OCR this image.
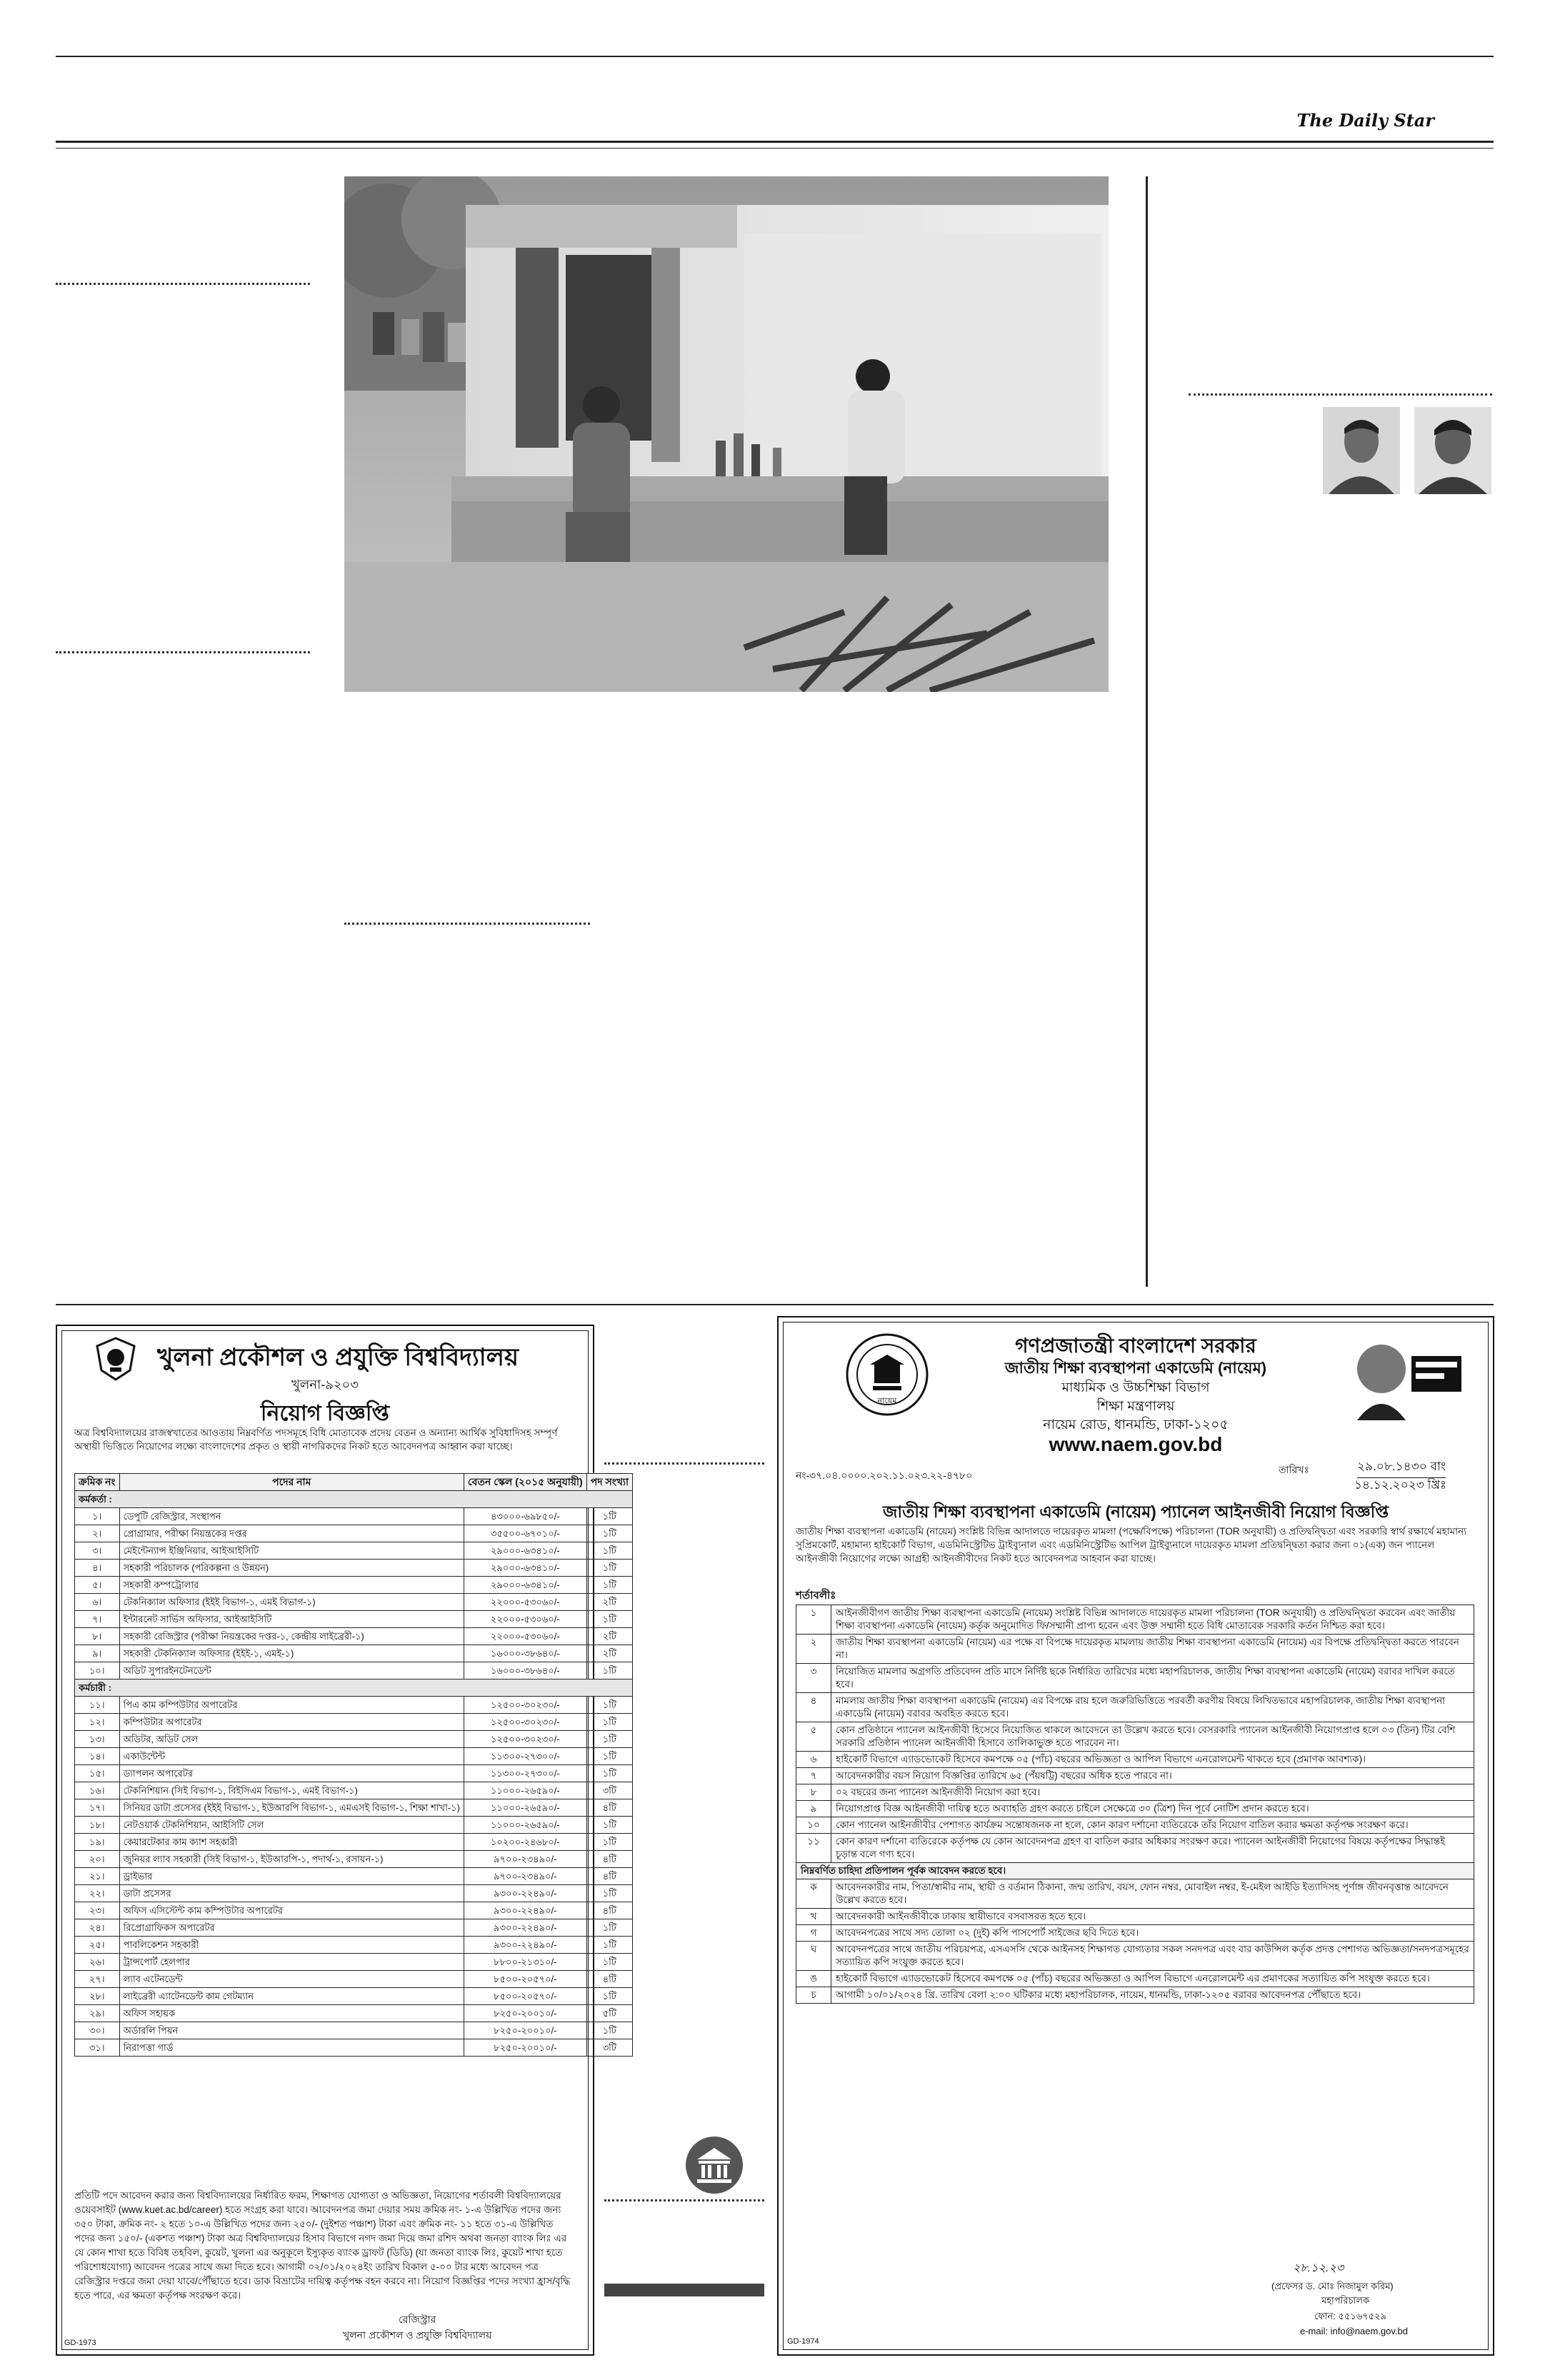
The Daily Star
খুলনা প্রকৌশল ও প্রযুক্তি বিশ্ববিদ্যালয়
খুলনা-৯২০৩
নিয়োগ বিজ্ঞপ্তি
অত্র বিশ্ববিদ্যালয়ের রাজস্বখাতের আওতায় নিম্নবর্ণিত পদসমূহে বিধি মোতাবেক প্রদেয় বেতন ও অন্যান্য আর্থিক সুবিধাদিসহ সম্পূর্ণ অস্থায়ী ভিত্তিতে নিয়োগের লক্ষ্যে বাংলাদেশের প্রকৃত ও স্থায়ী নাগরিকদের নিকট হতে আবেদনপত্র আহ্বান করা যাচ্ছে।
ক্রমিক নং	পদের নাম	বেতন স্কেল (২০১৫ অনুযায়ী)	পদ সংখ্যা
কর্মকর্তা :			
১।	ডেপুটি রেজিস্ট্রার, সংস্থাপন	৪৩০০০-৬৯৮৫০/-	১টি
২।	প্রোগ্রামার, পরীক্ষা নিয়ন্ত্রকের দপ্তর	৩৫৫০০-৬৭০১০/-	১টি
৩।	মেইন্টেন্যান্স ইঞ্জিনিয়ার, আইআইসিটি	২৯০০০-৬৩৪১০/-	১টি
৪।	সহকারী পরিচালক (পরিকল্পনা ও উন্নয়ন)	২৯০০০-৬৩৪১০/-	১টি
৫।	সহকারী কম্পট্রোলার	২৯০০০-৬৩৪১০/-	১টি
৬।	টেকনিক্যাল অফিসার (ইইই বিভাগ-১, এমই বিভাগ-১)	২২০০০-৫৩০৬০/-	২টি
৭।	ইন্টারনেট সার্ভিস অফিসার, আইআইসিটি	২২০০০-৫৩০৬০/-	১টি
৮।	সহকারী রেজিস্ট্রার (পরীক্ষা নিয়ন্ত্রকের দপ্তর-১, কেন্দ্রীয় লাইব্রেরী-১)	২২০০০-৫৩০৬০/-	২টি
৯।	সহকারী টেকনিক্যাল অফিসার (ইইই-১, এমই-১)	১৬০০০-৩৮৬৪০/-	২টি
১০।	অডিট সুপারইনটেনডেন্ট	১৬০০০-৩৮৬৪০/-	১টি
কর্মচারী :			
১১।	পিএ কাম কম্পিউটার অপারেটর	১২৫০০-৩০২৩০/-	১টি
১২।	কম্পিউটার অপারেটর	১২৫০০-৩০২৩০/-	১টি
১৩।	অডিটর, অডিট সেল	১২৫০০-৩০২৩০/-	১টি
১৪।	একাউন্টেন্ট	১১৩০০-২৭৩০০/-	১টি
১৫।	ড্যাপলন অপারেটর	১১৩০০-২৭৩০০/-	১টি
১৬।	টেকনিশিয়ান (সিই বিভাগ-১, বিইসিএম বিভাগ-১, এমই বিভাগ-১)	১১০০০-২৬৫৯০/-	৩টি
১৭।	সিনিয়র ডাটা প্রসেসর (ইইই বিভাগ-১, ইউআরপি বিভাগ-১, এমএসই বিভাগ-১, শিক্ষা শাখা-১)	১১০০০-২৬৫৯০/-	৪টি
১৮।	নেটওয়ার্ক টেকনিশিয়ান, আইসিটি সেল	১১০০০-২৬৫৯০/-	১টি
১৯।	কেয়ারটেকার কাম ক্যাশ সহকারী	১০২০০-২৪৬৮০/-	১টি
২০।	জুনিয়র ল্যাব সহকারী (সিই বিভাগ-১, ইউআরপি-১, পদার্থ-১, রসায়ন-১)	৯৭০০-২৩৪৯০/-	৪টি
২১।	ড্রাইভার	৯৭০০-২৩৪৯০/-	৪টি
২২।	ডাটা প্রসেসর	৯৩০০-২২৪৯০/-	১টি
২৩।	অফিস এসিস্টেন্ট কাম কম্পিউটার অপারেটর	৯৩০০-২২৪৯০/-	৪টি
২৪।	রিপ্রোগ্রাফিকস অপারেটর	৯৩০০-২২৪৯০/-	১টি
২৫।	পাবলিকেশন সহকারী	৯৩০০-২২৪৯০/-	১টি
২৬।	ট্রান্সপোর্ট হেলপার	৮৮০০-২১৩১০/-	১টি
২৭।	ল্যাব এটেনডেন্ট	৮৫০০-২০৫৭০/-	৪টি
২৮।	লাইব্রেরী এ্যাটেনডেন্ট কাম গেটম্যান	৮৫০০-২০৫৭০/-	১টি
২৯।	অফিস সহায়ক	৮২৫০-২০০১০/-	৫টি
৩০।	অর্ডারলি পিয়ন	৮২৫০-২০০১০/-	১টি
৩১।	নিরাপত্তা গার্ড	৮২৫০-২০০১০/-	৩টি
প্রতিটি পদে আবেদন করার জন্য বিশ্ববিদ্যালয়ের নির্ধারিত ফরম, শিক্ষাগত যোগ্যতা ও অভিজ্ঞতা, নিয়োগের শর্তাবলী বিশ্ববিদ্যালয়ের ওয়েবসাইট (www.kuet.ac.bd/career) হতে সংগ্রহ করা যাবে। আবেদনপত্র জমা দেয়ার সময় ক্রমিক নং- ১-এ উল্লিখিত পদের জন্য ৩৫০ টাকা, ক্রমিক নং- ২ হতে ১০-এ উল্লিখিত পদের জন্য ২৫০/- (দুইশত পঞ্চাশ) টাকা এবং ক্রমিক নং- ১১ হতে ৩১-এ উল্লিখিত পদের জন্য ১৫০/- (একশত পঞ্চাশ) টাকা অত্র বিশ্ববিদ্যালয়ের হিসাব বিভাগে নগদ জমা দিয়ে জমা রশিদ অথবা জনতা ব্যাংক লিঃ এর যে কোন শাখা হতে বিবিধ তহবিল, কুয়েট, খুলনা এর অনুকূলে ইস্যুকৃত ব্যাংক ড্রাফট (ডিডি) (যা জনতা ব্যাংক লিঃ, কুয়েট শাখা হতে পরিশোধযোগ্য) আবেদন পত্রের সাথে জমা দিতে হবে। আগামী ০২/০১/২০২৪ইং তারিখ বিকাল ৫-০০ টার মধ্যে আবেদন পত্র রেজিস্ট্রার দপ্তরে জমা দেয়া যাবে/পৌঁছাতে হবে। ডাক বিভ্রাটের দায়িত্ব কর্তৃপক্ষ বহন করবে না। নিয়োগ বিজ্ঞপ্তির পদের সংখ্যা হ্রাস/বৃদ্ধি হতে পারে, এর ক্ষমতা কর্তৃপক্ষ সংরক্ষণ করে।
রেজিস্ট্রার
খুলনা প্রকৌশল ও প্রযুক্তি বিশ্ববিদ্যালয়
GD-1973
নায়েম
গণপ্রজাতন্ত্রী বাংলাদেশ সরকার
জাতীয় শিক্ষা ব্যবস্থাপনা একাডেমি (নায়েম)
মাধ্যমিক ও উচ্চশিক্ষা বিভাগ
শিক্ষা মন্ত্রণালয়
নায়েম রোড, ধানমন্ডি, ঢাকা-১২০৫
www.naem.gov.bd
নং-৩৭.০৪.০০০০.২০২.১১.০২৩.২২-৪৭৮০	তারিখঃ	২৯.০৮.১৪৩০ বাং
১৪.১২.২০২৩ খ্রিঃ
জাতীয় শিক্ষা ব্যবস্থাপনা একাডেমি (নায়েম) প্যানেল আইনজীবী নিয়োগ বিজ্ঞপ্তি
জাতীয় শিক্ষা ব্যবস্থাপনা একাডেমি (নায়েম) সংশ্লিষ্ট বিভিন্ন আদালতে দায়েরকৃত মামলা (পক্ষে/বিপক্ষে) পরিচালনা (TOR অনুযায়ী) ও প্রতিদ্বন্দ্বিতা এবং সরকারি স্বার্থ রক্ষার্থে মহামান্য সুপ্রিমকোর্ট, মহামান্য হাইকোর্ট বিভাগ, এডমিনিস্ট্রেটিভ ট্রাইব্যুনাল এবং এডমিনিস্ট্রেটিভ আপিল ট্রাইব্যুনালে দায়েরকৃত মামলা প্রতিদ্বন্দ্বিতা করার জন্য ০১(এক) জন প্যানেল আইনজীবী নিয়োগের লক্ষ্যে আগ্রহী আইনজীবীদের নিকট হতে আবেদনপত্র আহবান করা যাচ্ছে।
শর্তাবলীঃ
১	আইনজীবীগণ জাতীয় শিক্ষা ব্যবস্থাপনা একাডেমি (নায়েম) সংশ্লিষ্ট বিভিন্ন আদালতে দায়েরকৃত মামলা পরিচালনা (TOR অনুযায়ী) ও প্রতিদ্বন্দ্বিতা করবেন এবং জাতীয় শিক্ষা ব্যবস্থাপনা একাডেমি (নায়েম) কর্তৃক অনুমোদিত ফি/সম্মানী প্রাপ্য হবেন এবং উক্ত সম্মানী হতে বিধি মোতাবেক সরকারি কর্তন নিশ্চিত করা হবে।
২	জাতীয় শিক্ষা ব্যবস্থাপনা একাডেমি (নায়েম) এর পক্ষে বা বিপক্ষে দায়েরকৃত মামলায় জাতীয় শিক্ষা ব্যবস্থাপনা একাডেমি (নায়েম) এর বিপক্ষে প্রতিদ্বন্দ্বিতা করতে পারবেন না।
৩	নিয়োজিত মামলার অগ্রগতি প্রতিবেদন প্রতি মাসে নির্দিষ্ট ছকে নির্ধারিত তারিখের মধ্যে মহাপরিচালক, জাতীয় শিক্ষা ব্যবস্থাপনা একাডেমি (নায়েম) বরাবর দাখিল করতে হবে।
৪	মামলায় জাতীয় শিক্ষা ব্যবস্থাপনা একাডেমি (নায়েম) এর বিপক্ষে রায় হলে জরুরিভিত্তিতে পরবর্তী করণীয় বিষয়ে লিখিতভাবে মহাপরিচালক, জাতীয় শিক্ষা ব্যবস্থাপনা একাডেমি (নায়েম) বরাবর অবহিত করতে হবে।
৫	কোন প্রতিষ্ঠানে প্যানেল আইনজীবী হিসেবে নিয়োজিত থাকলে আবেদনে তা উল্লেখ করতে হবে। বেসরকারি প্যানেল আইনজীবী নিয়োগপ্রাপ্ত হলে ০৩ (তিন) টির বেশি সরকারি প্রতিষ্ঠান প্যানেল আইনজীবী হিসাবে তালিকাভুক্ত হতে পারবেন না।
৬	হাইকোর্ট বিভাগে এ্যাডভোকেট হিসেবে কমপক্ষে ০৫ (পাঁচ) বছরের অভিজ্ঞতা ও আপিল বিভাগে এনরোলমেন্ট থাকতে হবে (প্রমাণক আবশ্যক)।
৭	আবেদনকারীর বয়স নিয়োগ বিজ্ঞপ্তির তারিখে ৬৫ (পঁয়ষট্টি) বছরের অধিক হতে পারবে না।
৮	০২ বছরের জন্য প্যানেল আইনজীবী নিয়োগ করা হবে।
৯	নিয়োগপ্রাপ্ত বিজ্ঞ আইনজীবী দায়িত্ব হতে অব্যাহতি গ্রহণ করতে চাইলে সেক্ষেত্রে ৩০ (ত্রিশ) দিন পূর্বে নোটিশ প্রদান করতে হবে।
১০	কোন প্যানেল আইনজীবীর পেশাগত কার্যক্রম সন্তোষজনক না হলে, কোন কারণ দর্শানো ব্যতিরেকে তাঁর নিয়োগ বাতিল করার ক্ষমতা কর্তৃপক্ষ সংরক্ষণ করে।
১১	কোন কারণ দর্শানো ব্যতিরেকে কর্তৃপক্ষ যে কোন আবেদনপত্র গ্রহণ বা বাতিল করার অধিকার সংরক্ষণ করে। প্যানেল আইনজীবী নিয়োগের বিষয়ে কর্তৃপক্ষের সিদ্ধান্তই চূড়ান্ত বলে গণ্য হবে।
নিম্নবর্ণিত চাহিদা প্রতিপালন পূর্বক আবেদন করতে হবে।	
ক	আবেদনকারীর নাম, পিতা/স্বামীর নাম, স্থায়ী ও বর্তমান ঠিকানা, জন্ম তারিখ, বয়স, ফোন নম্বর, মোবাইল নম্বর, ই-মেইল আইডি ইত্যাদিসহ পূর্ণাঙ্গ জীবনবৃত্তান্ত আবেদনে উল্লেখ করতে হবে।
খ	আবেদনকারী আইনজীবীকে ঢাকায় স্থায়ীভাবে বসবাসরত হতে হবে।
গ	আবেদনপত্রের সাথে সদ্য তোলা ০২ (দুই) কপি পাসপোর্ট সাইজের ছবি দিতে হবে।
ঘ	আবেদনপত্রের সাথে জাতীয় পরিচয়পত্র, এসএসসি থেকে আইনসহ শিক্ষাগত যোগ্যতার সকল সনদপত্র এবং বার কাউন্সিল কর্তৃক প্রদত্ত পেশাগত অভিজ্ঞতা/সনদপত্রসমূহের সত্যায়িত কপি সংযুক্ত করতে হবে।
ঙ	হাইকোর্ট বিভাগে এ্যাডভোকেট হিসেবে কমপক্ষে ০৫ (পাঁচ) বছরের অভিজ্ঞতা ও আপিল বিভাগে এনরোলমেন্ট এর প্রমাণকের সত্যায়িত কপি সংযুক্ত করতে হবে।
চ	আগামী ১০/০১/২০২৪ খ্রি. তারিখ বেলা ২:০০ ঘটিকার মধ্যে মহাপরিচালক, নায়েম, ধানমন্ডি, ঢাকা-১২০৫ বরাবর আবেদনপত্র পৌঁছাতে হবে।
২৮.১২.২৩
(প্রফেসর ড. মোঃ নিজামুল করিম)
মহাপরিচালক
ফোন: ৫৫১৬৭৫২৯
e-mail: info@naem.gov.bd
GD-1974
